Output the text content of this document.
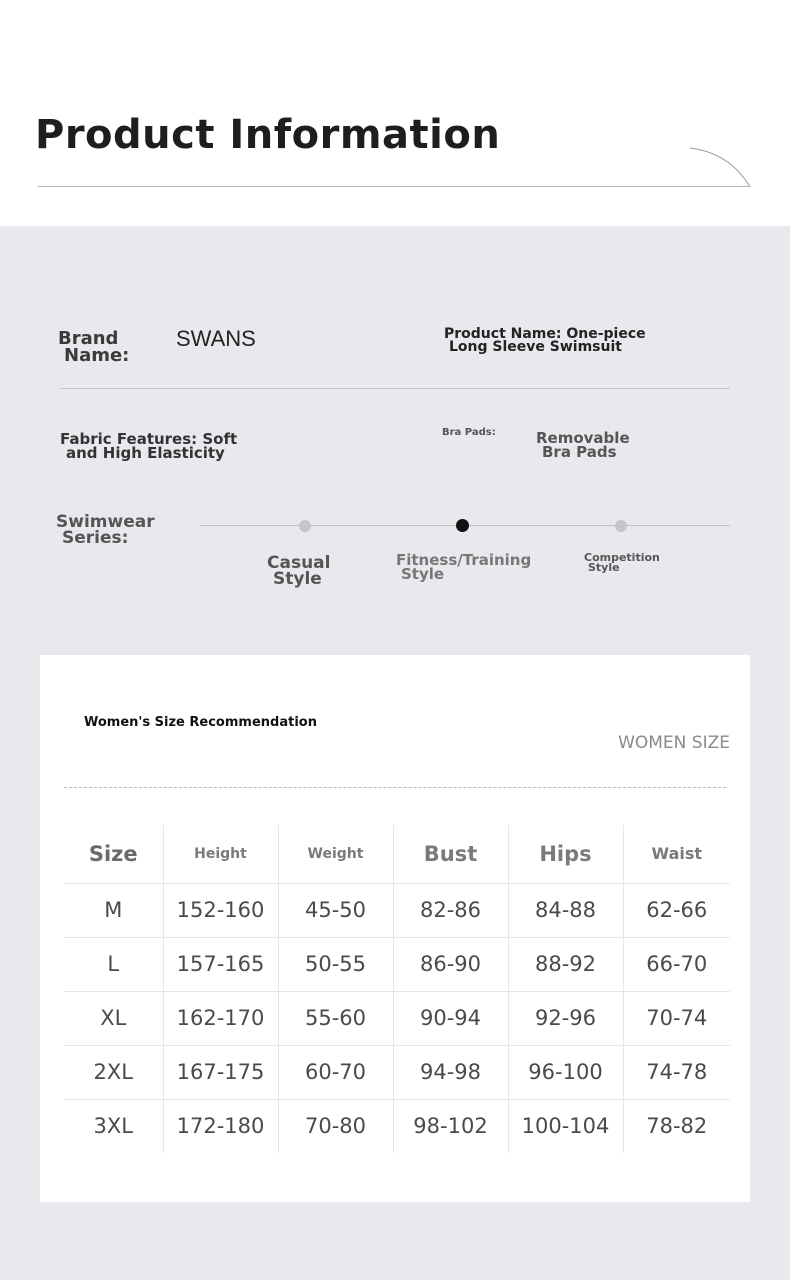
Product Information
Brand
Name:
SWANS	Product Name: One-piece
Long Sleeve Swimsuit
Fabric Features: Soft
and High Elasticity
Bra Pads:	Removable
Bra Pads
Swimwear
Series:
Casual
Style
Fitness/Training
Style
Competition
Style
Women's Size Recommendation
WOMEN SIZE
Size	Height	Weight	Bust	Hips	Waist
M	152-160	45-50	82-86	84-88	62-66
L	157-165	50-55	86-90	88-92	66-70
XL	162-170	55-60	90-94	92-96	70-74
2XL	167-175	60-70	94-98	96-100	74-78
3XL	172-180	70-80	98-102	100-104	78-82
